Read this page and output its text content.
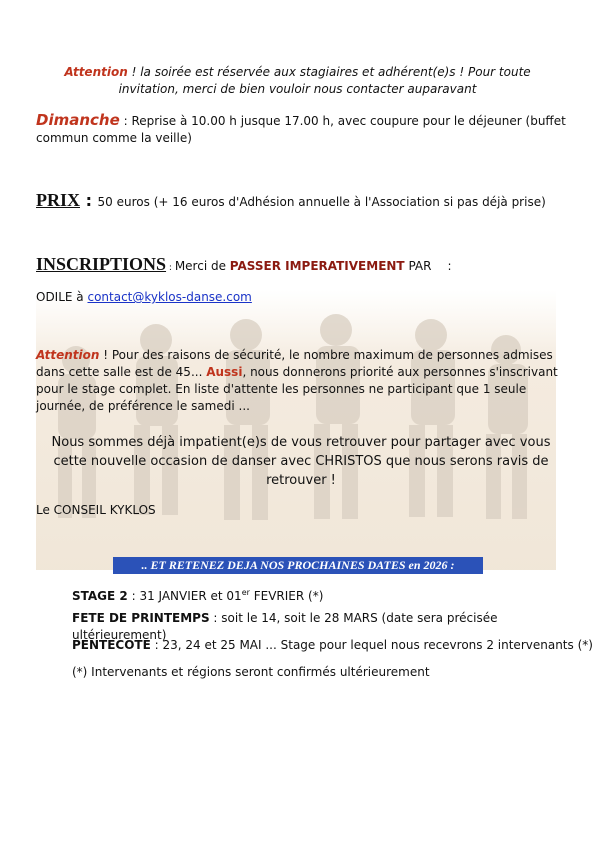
Attention ! la soirée est réservée aux stagiaires et adhérent(e)s ! Pour toute
invitation, merci de bien vouloir nous contacter auparavant
Dimanche : Reprise à 10.00 h jusque 17.00 h, avec coupure pour le déjeuner (buffet
commun comme la veille)
PRIX : 50 euros (+ 16 euros d'Adhésion annuelle à l'Association si pas déjà prise)
INSCRIPTIONS : Merci de PASSER IMPERATIVEMENT PAR :
ODILE à contact@kyklos-danse.com
Attention ! Pour des raisons de sécurité, le nombre maximum de personnes admises
dans cette salle est de 45... Aussi, nous donnerons priorité aux personnes s'inscrivant
pour le stage complet. En liste d'attente les personnes ne participant que 1 seule
journée, de préférence le samedi ...
Nous sommes déjà impatient(e)s de vous retrouver pour partager avec vous
cette nouvelle occasion de danser avec CHRISTOS que nous serons ravis de
retrouver !
Le CONSEIL KYKLOS
.. ET RETENEZ DEJA NOS PROCHAINES DATES en 2026 :
STAGE 2 : 31 JANVIER et 01er FEVRIER (*)
FETE DE PRINTEMPS : soit le 14, soit le 28 MARS (date sera précisée ultérieurement)
PENTECOTE : 23, 24 et 25 MAI ... Stage pour lequel nous recevrons 2 intervenants (*)
(*) Intervenants et régions seront confirmés ultérieurement
